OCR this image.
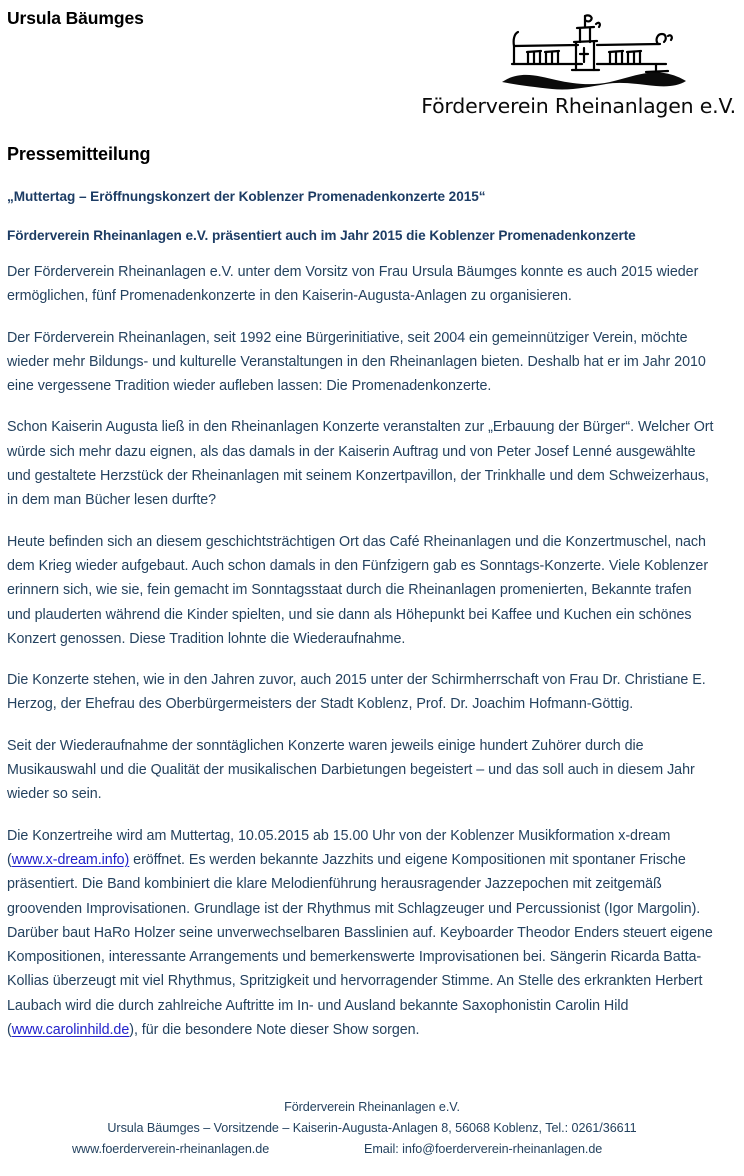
Ursula Bäumges
Förderverein Rheinanlagen e.V.
Pressemitteilung
„Muttertag – Eröffnungskonzert der Koblenzer Promenadenkonzerte 2015“
Förderverein Rheinanlagen e.V. präsentiert auch im Jahr 2015 die Koblenzer Promenadenkonzerte

Der Förderverein Rheinanlagen e.V. unter dem Vorsitz von Frau Ursula Bäumges konnte es auch 2015 wieder ermöglichen, fünf Promenadenkonzerte in den Kaiserin-Augusta-Anlagen zu organisieren.

Der Förderverein Rheinanlagen, seit 1992 eine Bürgerinitiative, seit 2004 ein gemeinnütziger Verein, möchte wieder mehr Bildungs- und kulturelle Veranstaltungen in den Rheinanlagen bieten. Deshalb hat er im Jahr 2010 eine vergessene Tradition wieder aufleben lassen: Die Promenadenkonzerte.

Schon Kaiserin Augusta ließ in den Rheinanlagen Konzerte veranstalten zur „Erbauung der Bürger“. Welcher Ort würde sich mehr dazu eignen, als das damals in der Kaiserin Auftrag und von Peter Josef Lenné ausgewählte und gestaltete Herzstück der Rheinanlagen mit seinem Konzertpavillon, der Trinkhalle und dem Schweizerhaus, in dem man Bücher lesen durfte?

Heute befinden sich an diesem geschichtsträchtigen Ort das Café Rheinanlagen und die Konzertmuschel, nach dem Krieg wieder aufgebaut. Auch schon damals in den Fünfzigern gab es Sonntags-Konzerte. Viele Koblenzer erinnern sich, wie sie, fein gemacht im Sonntagsstaat durch die Rheinanlagen promenierten, Bekannte trafen und plauderten während die Kinder spielten, und sie dann als Höhepunkt bei Kaffee und Kuchen ein schönes Konzert genossen. Diese Tradition lohnte die Wiederaufnahme.

Die Konzerte stehen, wie in den Jahren zuvor, auch 2015 unter der Schirmherrschaft von Frau Dr. Christiane E. Herzog, der Ehefrau des Oberbürgermeisters der Stadt Koblenz, Prof. Dr. Joachim Hofmann-Göttig.

Seit der Wiederaufnahme der sonntäglichen Konzerte waren jeweils einige hundert Zuhörer durch die Musikauswahl und die Qualität der musikalischen Darbietungen begeistert – und das soll auch in diesem Jahr wieder so sein.

Die Konzertreihe wird am Muttertag, 10.05.2015 ab 15.00 Uhr von der Koblenzer Musikformation x-dream (www.x-dream.info) eröffnet. Es werden bekannte Jazzhits und eigene Kompositionen mit spontaner Frische präsentiert. Die Band kombiniert die klare Melodienführung herausragender Jazzepochen mit zeitgemäß groovenden Improvisationen. Grundlage ist der Rhythmus mit Schlagzeuger und Percussionist (Igor Margolin). Darüber baut HaRo Holzer seine unverwechselbaren Basslinien auf. Keyboarder Theodor Enders steuert eigene Kompositionen, interessante Arrangements und bemerkenswerte Improvisationen bei. Sängerin Ricarda Batta-Kollias überzeugt mit viel Rhythmus, Spritzigkeit und hervorragender Stimme. An Stelle des erkrankten Herbert Laubach wird die durch zahlreiche Auftritte im In- und Ausland bekannte Saxophonistin Carolin Hild (www.carolinhild.de), für die besondere Note dieser Show sorgen.

Förderverein Rheinanlagen e.V.
Ursula Bäumges – Vorsitzende – Kaiserin-Augusta-Anlagen 8, 56068 Koblenz, Tel.: 0261/36611
www.foerderverein-rheinanlagen.de	Email: info@foerderverein-rheinanlagen.de
